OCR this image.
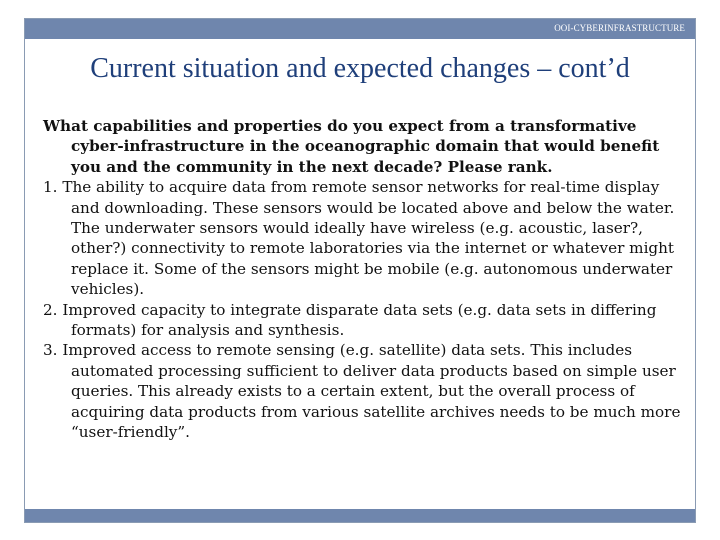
OOI-CYBERINFRASTRUCTURE
Current situation and expected changes – cont’d

What capabilities and properties do you expect from a transformative cyber-infrastructure in the oceanographic domain that would benefit you and the community in the next decade? Please rank.

1. The ability to acquire data from remote sensor networks for real-time display and downloading. These sensors would be located above and below the water. The underwater sensors would ideally have wireless (e.g. acoustic, laser?, other?) connectivity to remote laboratories via the internet or whatever might replace it. Some of the sensors might be mobile (e.g. autonomous underwater vehicles).

2. Improved capacity to integrate disparate data sets (e.g. data sets in differing formats) for analysis and synthesis.

3. Improved access to remote sensing (e.g. satellite) data sets. This includes automated processing sufficient to deliver data products based on simple user queries. This already exists to a certain extent, but the overall process of acquiring data products from various satellite archives needs to be much more “user-friendly”.
